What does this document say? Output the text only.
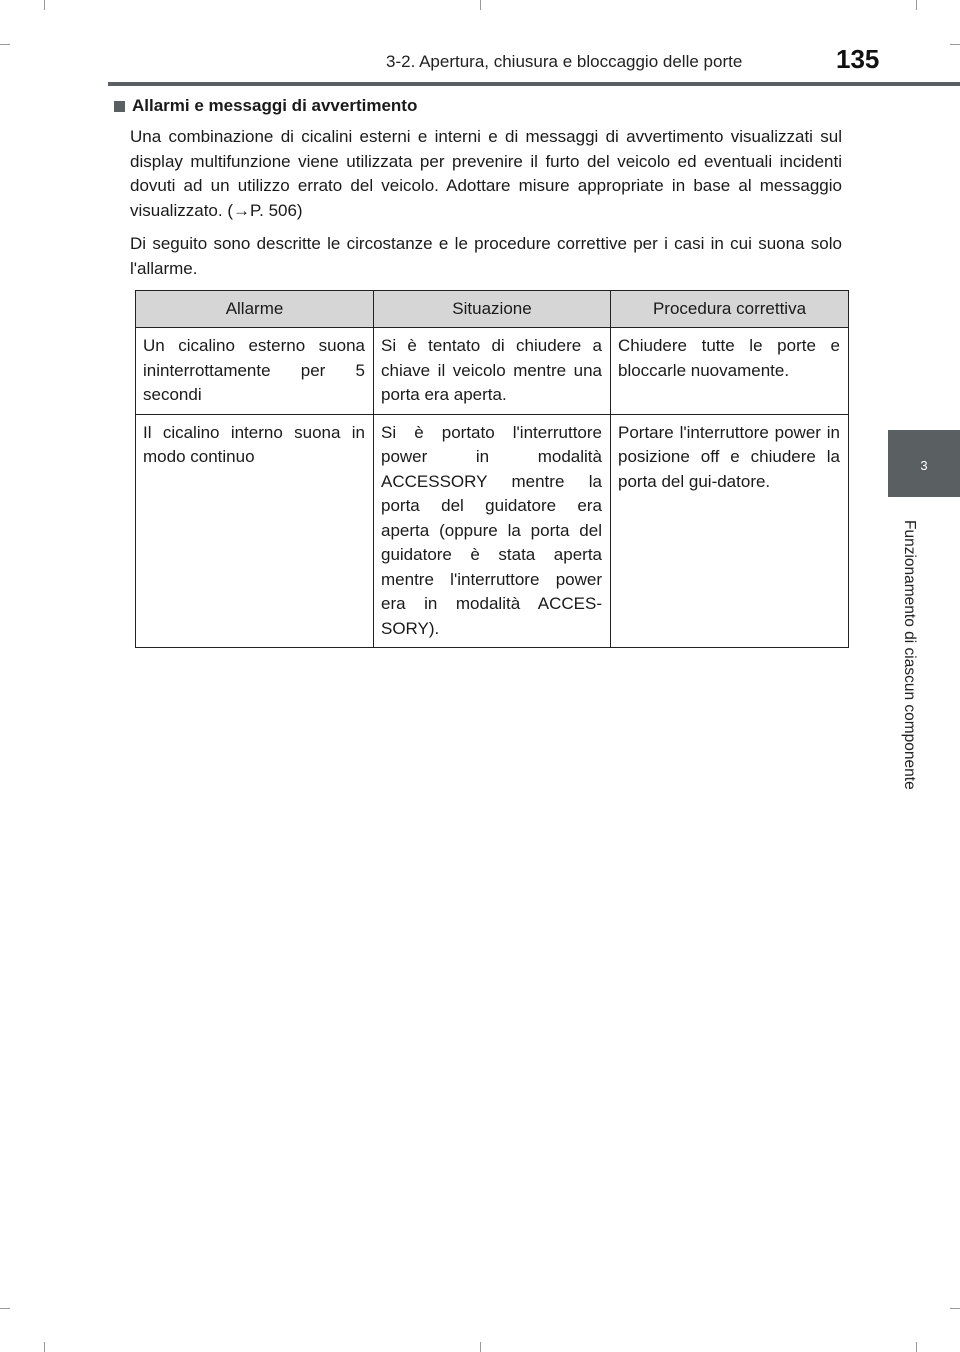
3-2. Apertura, chiusura e bloccaggio delle porte	135
3
Funzionamento di ciascun componente
Allarmi e messaggi di avvertimento

Una combinazione di cicalini esterni e interni e di messaggi di avvertimento visualizzati sul display multifunzione viene utilizzata per prevenire il furto del veicolo ed eventuali incidenti dovuti ad un utilizzo errato del veicolo. Adottare misure appropriate in base al messaggio visualizzato. (→P. 506)

Di seguito sono descritte le circostanze e le procedure correttive per i casi in cui suona solo l'allarme.

Allarme	Situazione	Procedura correttiva
Un cicalino esterno suona ininterrottamente per 5 secondi	Si è tentato di chiudere a chiave il veicolo mentre una porta era aperta.	Chiudere tutte le porte e bloccarle nuovamente.
Il cicalino interno suona in modo continuo	Si è portato l'interruttore power in modalità ACCESSORY mentre la porta del guidatore era aperta (oppure la porta del guidatore è stata aperta mentre l'interruttore power era in modalità ACCES-SORY).	Portare l'interruttore power in posizione off e chiudere la porta del gui-datore.
